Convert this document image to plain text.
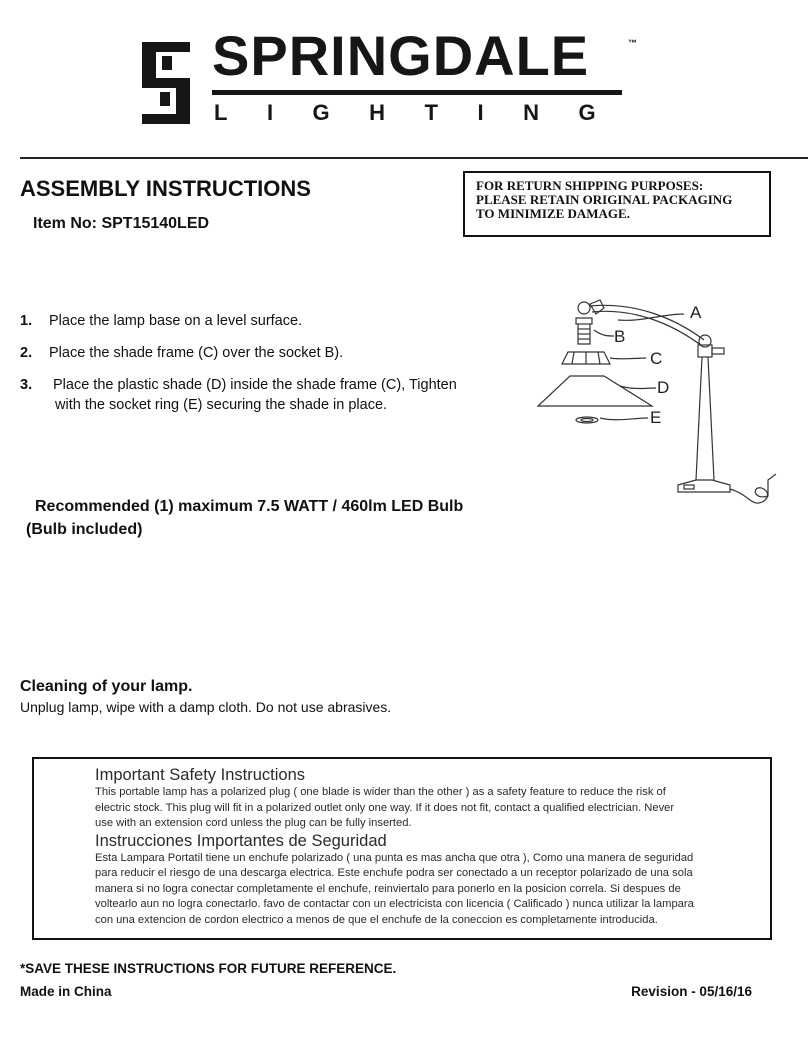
SPRINGDALE	™
LIGHTING
ASSEMBLY INSTRUCTIONS
Item No: SPT15140LED
FOR RETURN SHIPPING PURPOSES:
PLEASE RETAIN ORIGINAL PACKAGING
TO MINIMIZE DAMAGE.
1.	Place the lamp base on a level surface.
2.	Place the shade frame (C) over the socket B).
3.	Place the plastic shade (D) inside the shade frame (C), Tighten
with the socket ring (E) securing the shade in place.
A
B
C
D
E
Recommended (1) maximum 7.5 WATT / 460lm LED Bulb
(Bulb included)
Cleaning of your lamp.
Unplug lamp, wipe with a damp cloth. Do not use abrasives.
Important Safety Instructions
This portable lamp has a polarized plug ( one blade is wider than the other ) as a safety feature to reduce the risk of
electric stock. This plug will fit in a polarized outlet only one way. If it does not fit, contact a qualified electrician. Never
use with an extension cord unless the plug can be fully inserted.
Instrucciones Importantes de Seguridad
Esta Lampara Portatil tiene un enchufe polarizado ( una punta es mas ancha que otra ), Como una manera de seguridad
para reducir el riesgo de una descarga electrica. Este enchufe podra ser conectado a un receptor polarizado de una sola
manera si no logra conectar completamente el enchufe, reinviertalo para ponerlo en la posicion correla. Si despues de
voltearlo aun no logra conectarlo. favo de contactar con un electricista con licencia ( Calificado ) nunca utilizar la lampara
con una extencion de cordon electrico a menos de que el enchufe de la coneccion es completamente introducida.
*SAVE THESE INSTRUCTIONS FOR FUTURE REFERENCE.
Made in China	Revision - 05/16/16
